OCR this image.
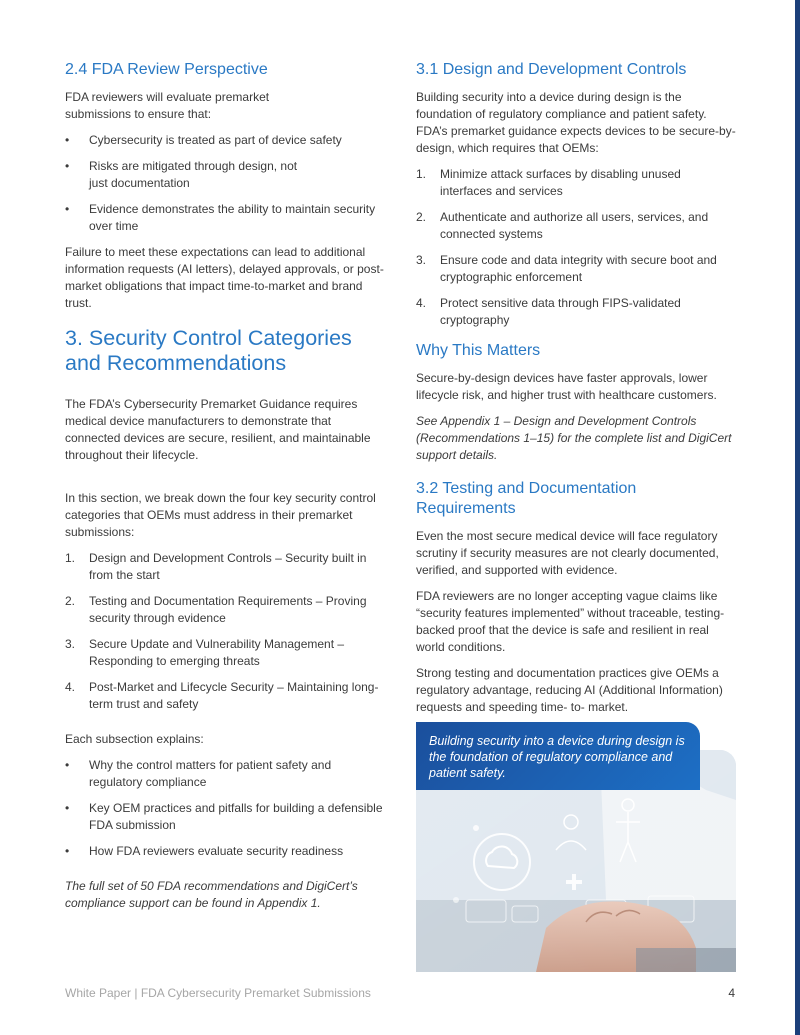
2.4 FDA Review Perspective

FDA reviewers will evaluate premarket submissions to ensure that:

• Cybersecurity is treated as part of device safety
• Risks are mitigated through design, not just documentation
• Evidence demonstrates the ability to maintain security over time

Failure to meet these expectations can lead to additional information requests (AI letters), delayed approvals, or post-market obligations that impact time-to-market and brand trust.

3. Security Control Categories and Recommendations

The FDA’s Cybersecurity Premarket Guidance requires medical device manufacturers to demonstrate that connected devices are secure, resilient, and maintainable throughout their lifecycle.

In this section, we break down the four key security control categories that OEMs must address in their premarket submissions:

1. Design and Development Controls – Security built in from the start
2. Testing and Documentation Requirements – Proving security through evidence
3. Secure Update and Vulnerability Management – Responding to emerging threats
4. Post-Market and Lifecycle Security – Maintaining long-term trust and safety

Each subsection explains:

• Why the control matters for patient safety and regulatory compliance
• Key OEM practices and pitfalls for building a defensible FDA submission
• How FDA reviewers evaluate security readiness

The full set of 50 FDA recommendations and DigiCert’s compliance support can be found in Appendix 1.

3.1 Design and Development Controls

Building security into a device during design is the foundation of regulatory compliance and patient safety. FDA’s premarket guidance expects devices to be secure-by-design, which requires that OEMs:

1. Minimize attack surfaces by disabling unused interfaces and services
2. Authenticate and authorize all users, services, and connected systems
3. Ensure code and data integrity with secure boot and cryptographic enforcement
4. Protect sensitive data through FIPS-validated cryptography
Why This Matters

Secure-by-design devices have faster approvals, lower lifecycle risk, and higher trust with healthcare customers.

See Appendix 1 – Design and Development Controls (Recommendations 1–15) for the complete list and DigiCert support details.

3.2 Testing and Documentation Requirements

Even the most secure medical device will face regulatory scrutiny if security measures are not clearly documented, verified, and supported with evidence.

FDA reviewers are no longer accepting vague claims like “security features implemented” without traceable, testing-backed proof that the device is safe and resilient in real world conditions.

Strong testing and documentation practices give OEMs a regulatory advantage, reducing AI (Additional Information) requests and speeding time- to- market.

Building security into a device during design is the foundation of regulatory compliance and patient safety.
White Paper | FDA Cybersecurity Premarket Submissions	4
